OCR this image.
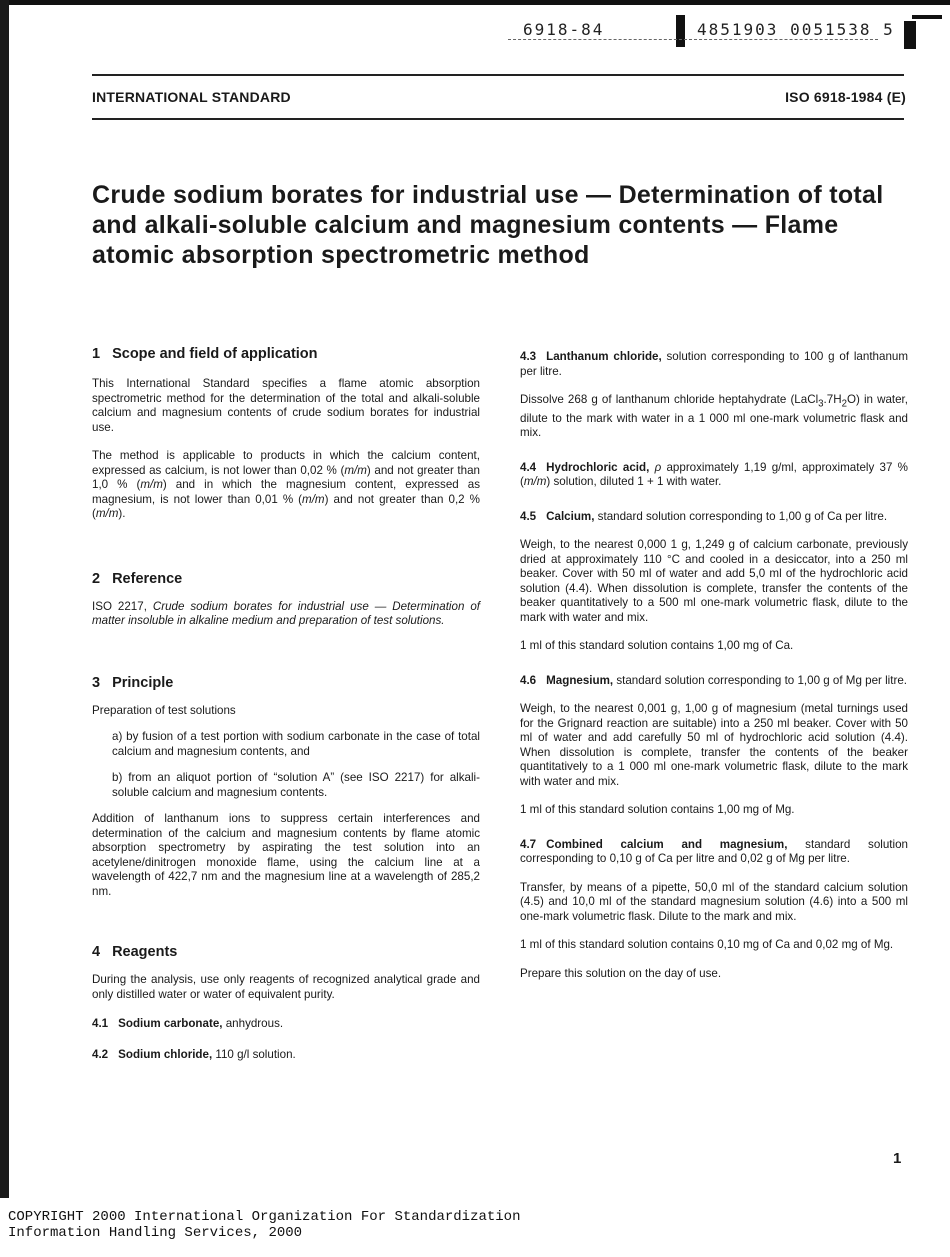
6918-84	4851903 0051538 5
INTERNATIONAL STANDARD	ISO 6918-1984 (E)
Crude sodium borates for industrial use — Determination of total and alkali-soluble calcium and magnesium contents — Flame atomic absorption spectrometric method
1 Scope and field of application

This International Standard specifies a flame atomic absorption spectrometric method for the determination of the total and alkali-soluble calcium and magnesium contents of crude sodium borates for industrial use.

The method is applicable to products in which the calcium content, expressed as calcium, is not lower than 0,02 % (m/m) and not greater than 1,0 % (m/m) and in which the magnesium content, expressed as magnesium, is not lower than 0,01 % (m/m) and not greater than 0,2 % (m/m).

2 Reference

ISO 2217, Crude sodium borates for industrial use — Determination of matter insoluble in alkaline medium and preparation of test solutions.

3 Principle

Preparation of test solutions

a) by fusion of a test portion with sodium carbonate in the case of total calcium and magnesium contents, and

b) from an aliquot portion of “solution A” (see ISO 2217) for alkali-soluble calcium and magnesium contents.

Addition of lanthanum ions to suppress certain interferences and determination of the calcium and magnesium contents by flame atomic absorption spectrometry by aspirating the test solution into an acetylene/dinitrogen monoxide flame, using the calcium line at a wavelength of 422,7 nm and the magnesium line at a wavelength of 285,2 nm.

4 Reagents

During the analysis, use only reagents of recognized analytical grade and only distilled water or water of equivalent purity.

4.1 Sodium carbonate, anhydrous.

4.2 Sodium chloride, 110 g/l solution.

4.3 Lanthanum chloride, solution corresponding to 100 g of lanthanum per litre.

Dissolve 268 g of lanthanum chloride heptahydrate $(LaCl_3.7H_2O)$ in water, dilute to the mark with water in a 1 000 ml one-mark volumetric flask and mix.

4.4 Hydrochloric acid, ρ approximately 1,19 g/ml, approximately 37 % (m/m) solution, diluted 1 + 1 with water.

4.5 Calcium, standard solution corresponding to 1,00 g of Ca per litre.

Weigh, to the nearest 0,000 1 g, 1,249 g of calcium carbonate, previously dried at approximately 110 °C and cooled in a desiccator, into a 250 ml beaker. Cover with 50 ml of water and add 5,0 ml of the hydrochloric acid solution (4.4). When dissolution is complete, transfer the contents of the beaker quantitatively to a 500 ml one-mark volumetric flask, dilute to the mark with water and mix.

1 ml of this standard solution contains 1,00 mg of Ca.

4.6 Magnesium, standard solution corresponding to 1,00 g of Mg per litre.

Weigh, to the nearest 0,001 g, 1,00 g of magnesium (metal turnings used for the Grignard reaction are suitable) into a 250 ml beaker. Cover with 50 ml of water and add carefully 50 ml of hydrochloric acid solution (4.4). When dissolution is complete, transfer the contents of the beaker quantitatively to a 1 000 ml one-mark volumetric flask, dilute to the mark with water and mix.

1 ml of this standard solution contains 1,00 mg of Mg.

4.7 Combined calcium and magnesium, standard solution corresponding to 0,10 g of Ca per litre and 0,02 g of Mg per litre.

Transfer, by means of a pipette, 50,0 ml of the standard calcium solution (4.5) and 10,0 ml of the standard magnesium solution (4.6) into a 500 ml one-mark volumetric flask. Dilute to the mark and mix.

1 ml of this standard solution contains 0,10 mg of Ca and 0,02 mg of Mg.

Prepare this solution on the day of use.

1
COPYRIGHT 2000 International Organization For Standardization
Information Handling Services, 2000
